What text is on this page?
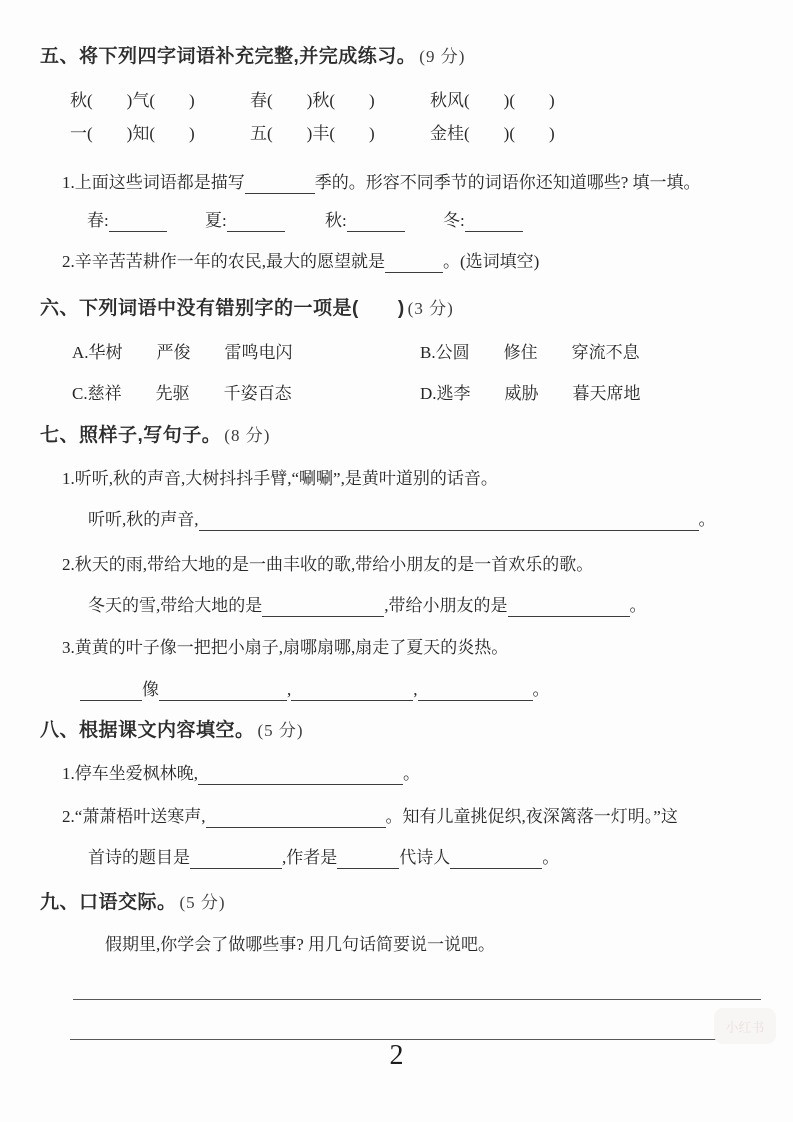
五、将下列四字词语补充完整,并完成练习。 (9 分)
秋(　　)气(　　)	春(　　)秋(　　)	秋风(　　)(　　)
一(　　)知(　　)	五(　　)丰(　　)	金桂(　　)(　　)
1.上面这些词语都是描写	季的。形容不同季节的词语你还知道哪些? 填一填。
春:	夏:	秋:	冬:
2.辛辛苦苦耕作一年的农民,最大的愿望就是	。(选词填空)
六、下列词语中没有错别字的一项是(　　) (3 分)
A.华树　　严俊　　雷鸣电闪	B.公圆　　修住　　穿流不息
C.慈祥　　先驱　　千姿百态	D.逃李　　威胁　　暮天席地
七、照样子,写句子。 (8 分)
1.听听,秋的声音,大树抖抖手臂,“唰唰”,是黄叶道别的话音。
听听,秋的声音,	。
2.秋天的雨,带给大地的是一曲丰收的歌,带给小朋友的是一首欢乐的歌。
冬天的雪,带给大地的是	,带给小朋友的是	。
3.黄黄的叶子像一把把小扇子,扇哪扇哪,扇走了夏天的炎热。
像	,	,	。
八、根据课文内容填空。 (5 分)
1.停车坐爱枫林晚,	。
2.“萧萧梧叶送寒声,	。知有儿童挑促织,夜深篱落一灯明。”这
首诗的题目是	,作者是	代诗人	。
九、口语交际。 (5 分)
假期里,你学会了做哪些事? 用几句话简要说一说吧。
小红书
2
